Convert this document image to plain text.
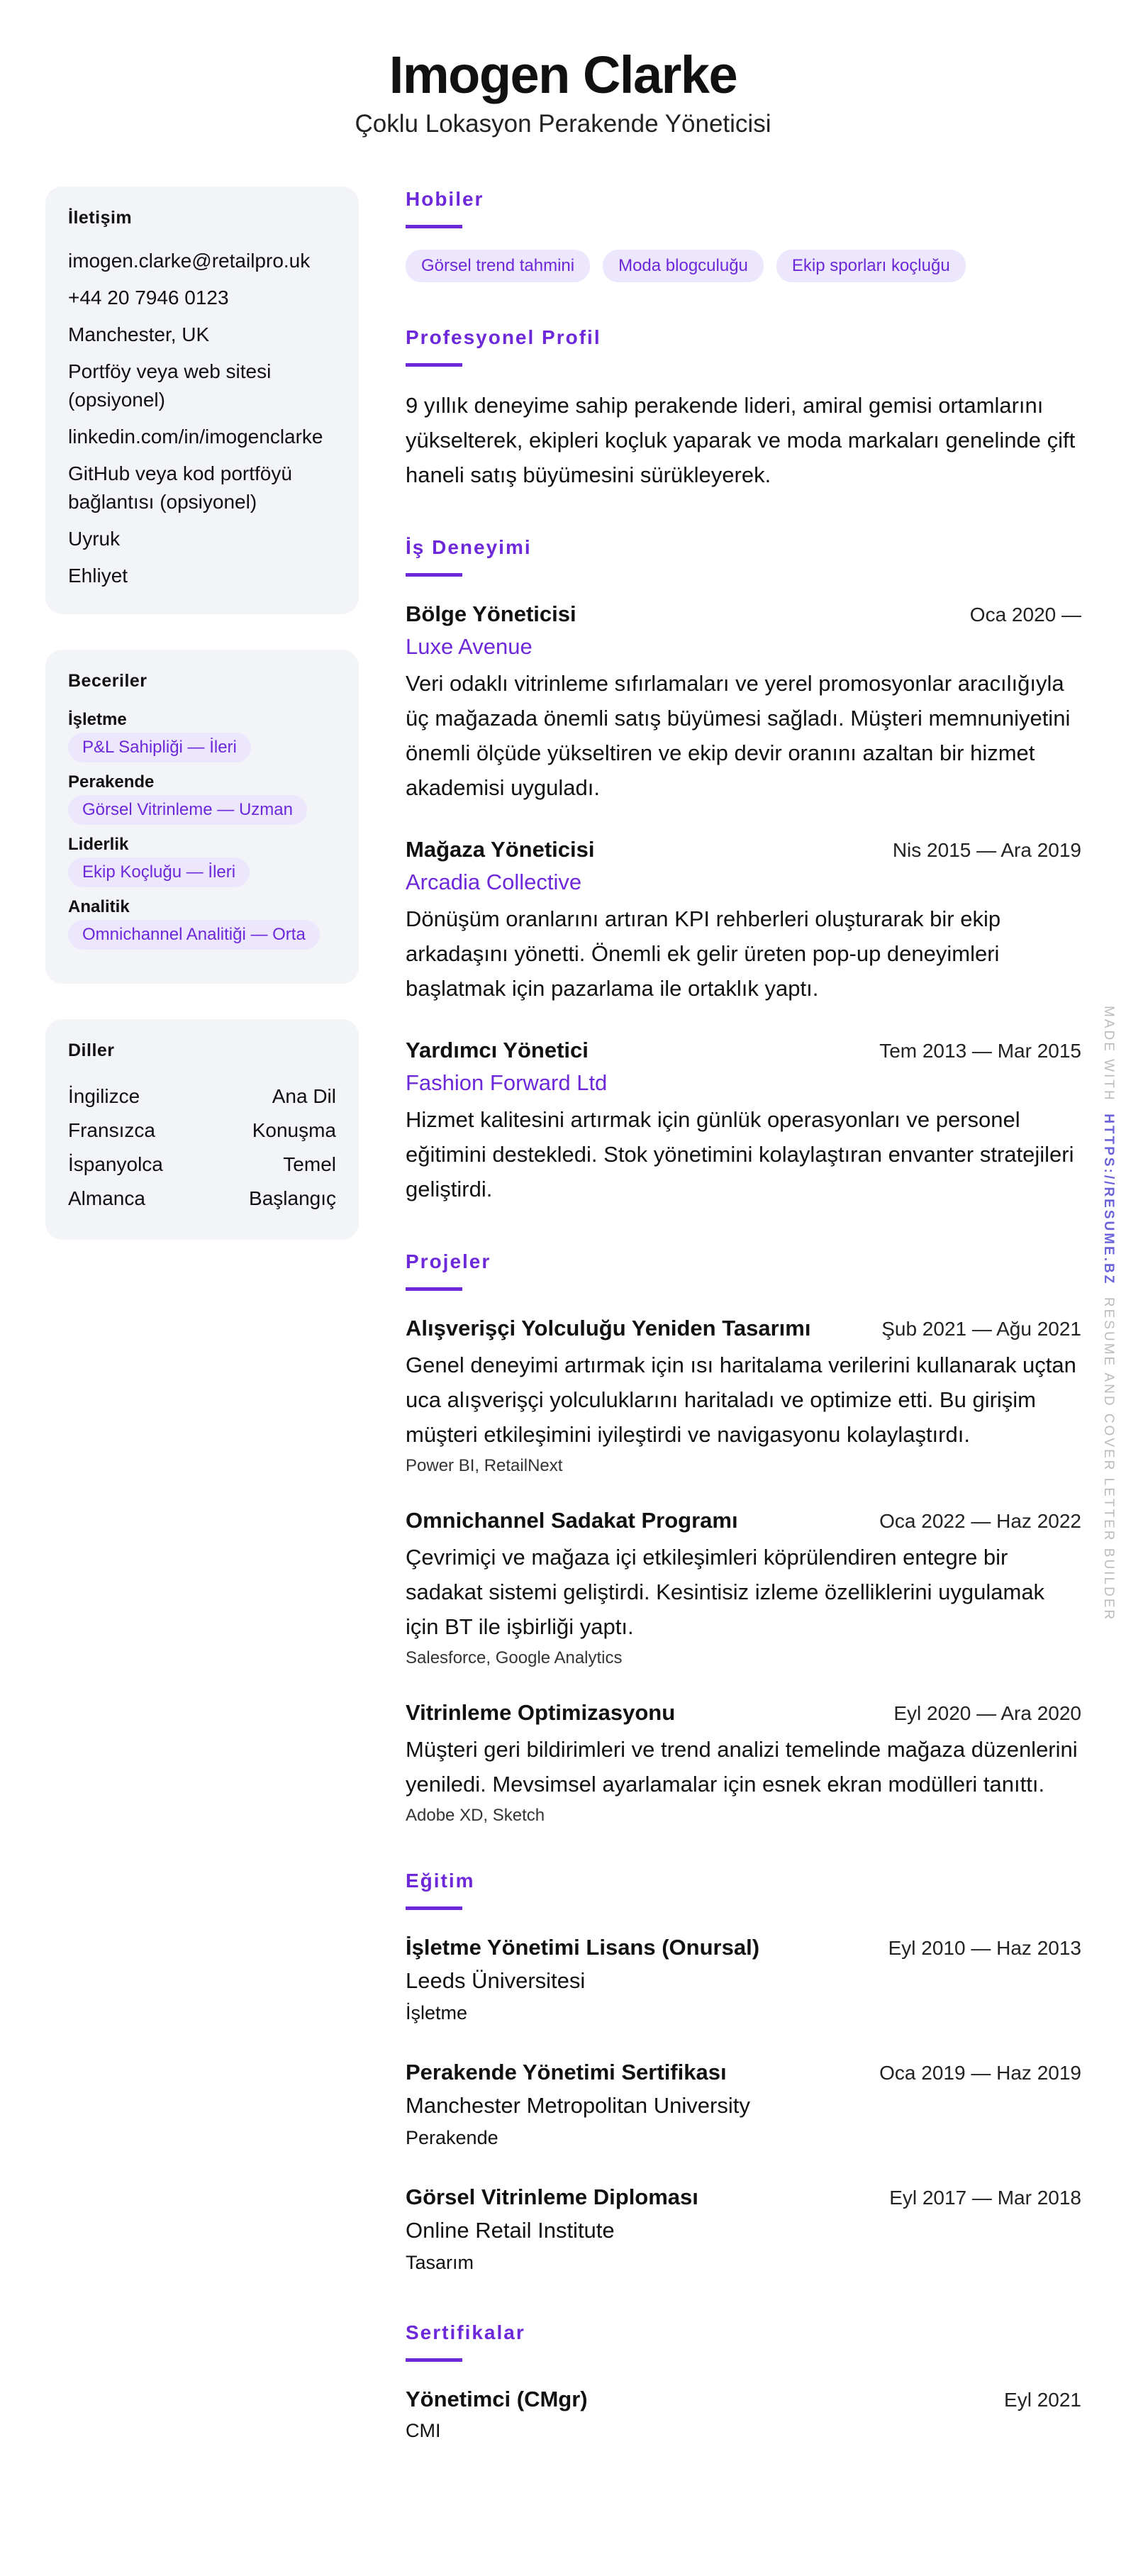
Imogen Clarke
Çoklu Lokasyon Perakende Yöneticisi
İletişim
imogen.clarke@retailpro.uk
+44 20 7946 0123
Manchester, UK
Portföy veya web sitesi (opsiyonel)
linkedin.com/in/imogenclarke
GitHub veya kod portföyü bağlantısı (opsiyonel)
Uyruk
Ehliyet
Beceriler
İşletme
P&L Sahipliği — İleri
Perakende
Görsel Vitrinleme — Uzman
Liderlik
Ekip Koçluğu — İleri
Analitik
Omnichannel Analitiği — Orta
Diller
İngilizce	Ana Dil
Fransızca	Konuşma
İspanyolca	Temel
Almanca	Başlangıç
Hobiler
Görsel trend tahmini	Moda blogculuğu	Ekip sporları koçluğu
Profesyonel Profil

9 yıllık deneyime sahip perakende lideri, amiral gemisi ortamlarını yükselterek, ekipleri koçluk yaparak ve moda markaları genelinde çift haneli satış büyümesini sürükleyerek.

İş Deneyimi
Bölge Yöneticisi	Oca 2020 —
Luxe Avenue

Veri odaklı vitrinleme sıfırlamaları ve yerel promosyonlar aracılığıyla üç mağazada önemli satış büyümesi sağladı. Müşteri memnuniyetini önemli ölçüde yükseltiren ve ekip devir oranını azaltan bir hizmet akademisi uyguladı.

Mağaza Yöneticisi	Nis 2015 — Ara 2019
Arcadia Collective

Dönüşüm oranlarını artıran KPI rehberleri oluşturarak bir ekip arkadaşını yönetti. Önemli ek gelir üreten pop-up deneyimleri başlatmak için pazarlama ile ortaklık yaptı.

Yardımcı Yönetici	Tem 2013 — Mar 2015
Fashion Forward Ltd

Hizmet kalitesini artırmak için günlük operasyonları ve personel eğitimini destekledi. Stok yönetimini kolaylaştıran envanter stratejileri geliştirdi.

Projeler
Alışverişçi Yolculuğu Yeniden Tasarımı	Şub 2021 — Ağu 2021

Genel deneyimi artırmak için ısı haritalama verilerini kullanarak uçtan uca alışverişçi yolculuklarını haritaladı ve optimize etti. Bu girişim müşteri etkileşimini iyileştirdi ve navigasyonu kolaylaştırdı.

Power BI, RetailNext
Omnichannel Sadakat Programı	Oca 2022 — Haz 2022

Çevrimiçi ve mağaza içi etkileşimleri köprülendiren entegre bir sadakat sistemi geliştirdi. Kesintisiz izleme özelliklerini uygulamak için BT ile işbirliği yaptı.

Salesforce, Google Analytics
Vitrinleme Optimizasyonu	Eyl 2020 — Ara 2020

Müşteri geri bildirimleri ve trend analizi temelinde mağaza düzenlerini yeniledi. Mevsimsel ayarlamalar için esnek ekran modülleri tanıttı.

Adobe XD, Sketch
Eğitim
İşletme Yönetimi Lisans (Onursal)	Eyl 2010 — Haz 2013
Leeds Üniversitesi
İşletme
Perakende Yönetimi Sertifikası	Oca 2019 — Haz 2019
Manchester Metropolitan University
Perakende
Görsel Vitrinleme Diploması	Eyl 2017 — Mar 2018
Online Retail Institute
Tasarım
Sertifikalar
Yönetimci (CMgr)	Eyl 2021
CMI
MADE WITH  HTTPS://RESUME.BZ  RESUME AND COVER LETTER BUILDER
